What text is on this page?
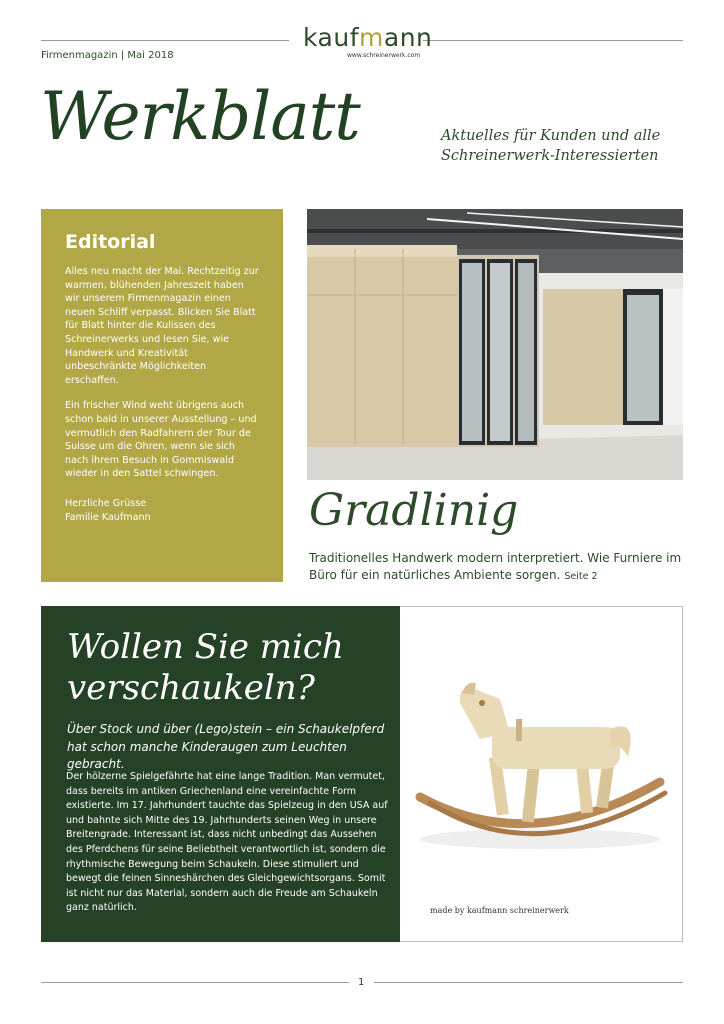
kaufmann
www.schreinerwerk.com
Firmenmagazin | Mai 2018
Werkblatt	Aktuelles für Kunden und alle
Schreinerwerk-Interessierten
Editorial

Alles neu macht der Mai. Rechtzeitig zur warmen, blühenden Jahreszeit haben wir unserem Firmenmagazin einen neuen Schliff verpasst. Blicken Sie Blatt für Blatt hinter die Kulissen des Schreinerwerks und lesen Sie, wie Handwerk und Kreativität unbeschränkte Möglichkeiten erschaffen.

Ein frischer Wind weht übrigens auch schon bald in unserer Ausstellung – und vermutlich den Radfahrern der Tour de Suisse um die Ohren, wenn sie sich nach ihrem Besuch in Gommiswald wieder in den Sattel schwingen.

Herzliche Grüsse
Familie Kaufmann	Gradlinig
Traditionelles Handwerk modern interpretiert. Wie Furniere im Büro für ein natürliches Ambiente sorgen. Seite 2
Wollen Sie mich
verschaukeln?
Über Stock und über (Lego)stein – ein Schaukelpferd hat schon manche Kinderaugen zum Leuchten gebracht.
Der hölzerne Spielgefährte hat eine lange Tradition. Man vermutet, dass bereits im antiken Griechenland eine vereinfachte Form existierte. Im 17. Jahrhundert tauchte das Spielzeug in den USA auf und bahnte sich Mitte des 19. Jahrhunderts seinen Weg in unsere Breitengrade. Interessant ist, dass nicht unbedingt das Aussehen des Pferdchens für seine Beliebtheit verantwortlich ist, sondern die rhythmische Bewegung beim Schaukeln. Diese stimuliert und bewegt die feinen Sinneshärchen des Gleichgewichtsorgans. Somit ist nicht nur das Material, sondern auch die Freude am Schaukeln ganz natürlich.	made by kaufmann schreinerwerk
1
